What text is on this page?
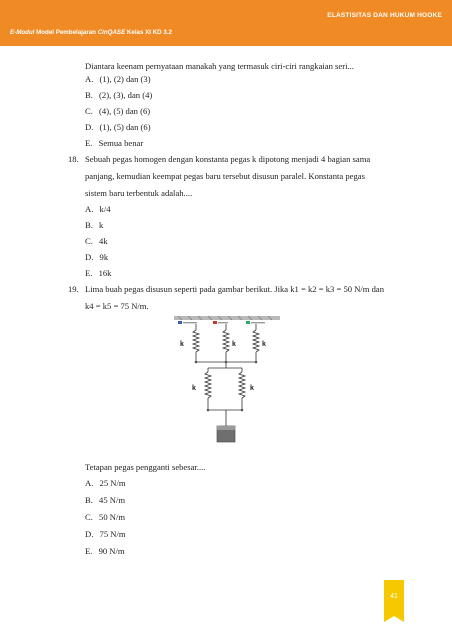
ELASTISITAS DAN HUKUM HOOKE
E-Modul Model Pembelajaran CinQASE Kelas XI KD 3.2
Diantara keenam pernyataan manakah yang termasuk ciri-ciri rangkaian seri...
A. (1), (2) dan (3)
B. (2), (3), dan (4)
C. (4), (5) dan (6)
D. (1), (5) dan (6)
E. Semua benar
18. Sebuah pegas homogen dengan konstanta pegas k dipotong menjadi 4 bagian sama
panjang, kemudian keempat pegas baru tersebut disusun paralel. Konstanta pegas
sistem baru terbentuk adalah....
A. k/4
B. k
C. 4k
D. 9k
E. 16k
19. Lima buah pegas disusun seperti pada gambar berikut. Jika k1 = k2 = k3 = 50 N/m dan
k4 = k5 = 75 N/m.
Tetapan pegas pengganti sebesar....
A. 25 N/m
B. 45 N/m
C. 50 N/m
D. 75 N/m
E. 90 N/m
k	k	k
k	k
41
